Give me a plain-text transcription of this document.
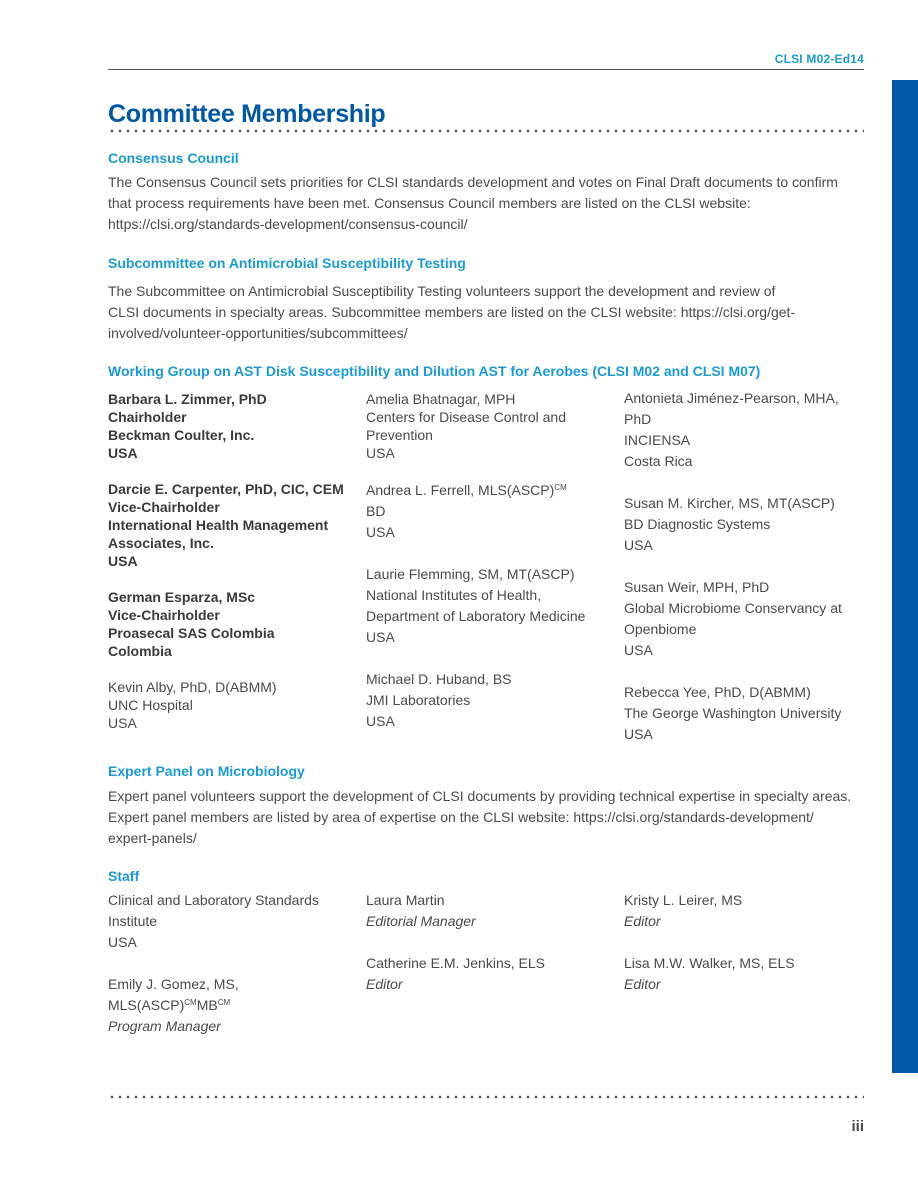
CLSI M02-Ed14
Committee Membership
Consensus Council

The Consensus Council sets priorities for CLSI standards development and votes on Final Draft documents to confirm
that process requirements have been met. Consensus Council members are listed on the CLSI website:
https://clsi.org/standards-development/consensus-council/

Subcommittee on Antimicrobial Susceptibility Testing

The Subcommittee on Antimicrobial Susceptibility Testing volunteers support the development and review of
CLSI documents in specialty areas. Subcommittee members are listed on the CLSI website: https://clsi.org/get-
involved/volunteer-opportunities/subcommittees/

Working Group on AST Disk Susceptibility and Dilution AST for Aerobes (CLSI M02 and CLSI M07)
Barbara L. Zimmer, PhD
Chairholder
Beckman Coulter, Inc.
USA
Darcie E. Carpenter, PhD, CIC, CEM
Vice-Chairholder
International Health Management
Associates, Inc.
USA
German Esparza, MSc
Vice-Chairholder
Proasecal SAS Colombia
Colombia
Kevin Alby, PhD, D(ABMM)
UNC Hospital
USA
Amelia Bhatnagar, MPH
Centers for Disease Control and
Prevention
USA
Andrea L. Ferrell, MLS(ASCP)$^{CM}$
BD
USA
Laurie Flemming, SM, MT(ASCP)
National Institutes of Health,
Department of Laboratory Medicine
USA
Michael D. Huband, BS
JMI Laboratories
USA
Antonieta Jiménez-Pearson, MHA,
PhD
INCIENSA
Costa Rica
Susan M. Kircher, MS, MT(ASCP)
BD Diagnostic Systems
USA
Susan Weir, MPH, PhD
Global Microbiome Conservancy at
Openbiome
USA
Rebecca Yee, PhD, D(ABMM)
The George Washington University
USA
Expert Panel on Microbiology

Expert panel volunteers support the development of CLSI documents by providing technical expertise in specialty areas.
Expert panel members are listed by area of expertise on the CLSI website: https://clsi.org/standards-development/
expert-panels/

Staff
Clinical and Laboratory Standards
Institute
USA
Emily J. Gomez, MS, $MLS(ASCP)^{CM}MB^{CM}$
Program Manager
Laura Martin
Editorial Manager
Catherine E.M. Jenkins, ELS
Editor
Kristy L. Leirer, MS
Editor
Lisa M.W. Walker, MS, ELS
Editor
iii
